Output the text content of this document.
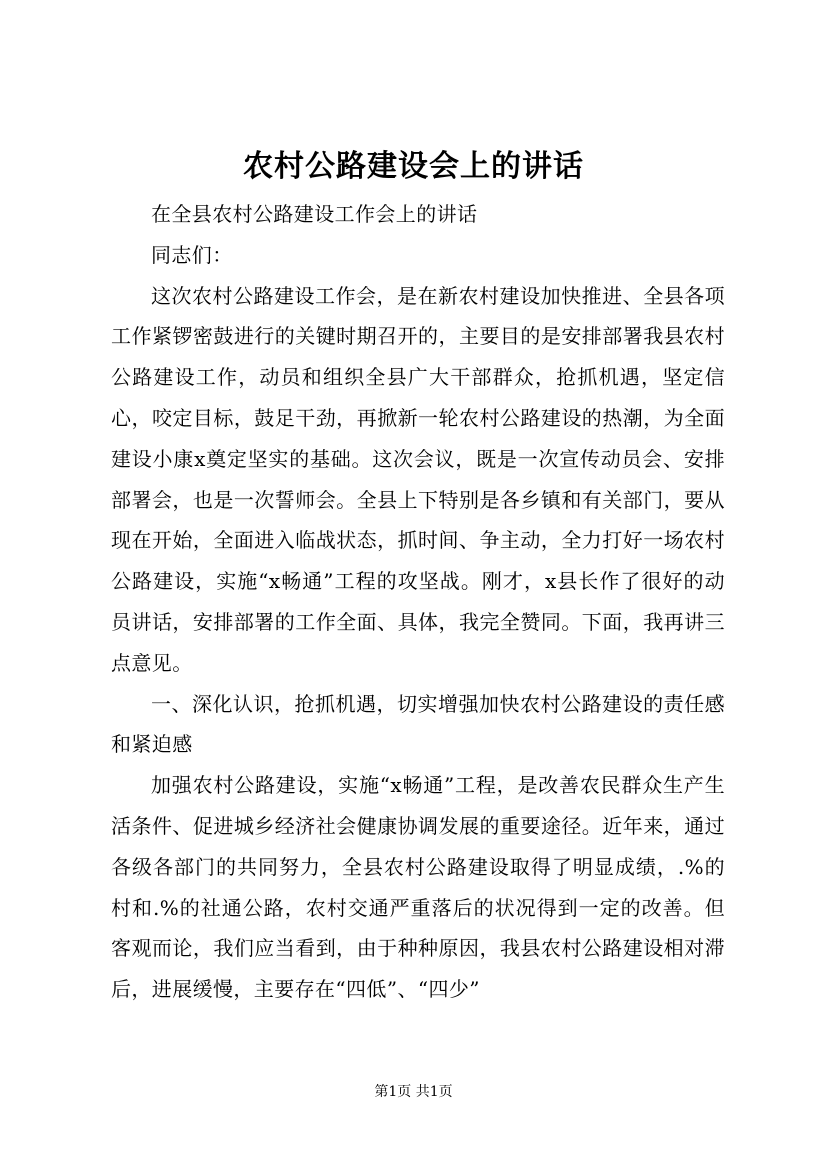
农村公路建设会上的讲话

在全县农村公路建设工作会上的讲话

同志们：

这次农村公路建设工作会，是在新农村建设加快推进、全县各项工作紧锣密鼓进行的关键时期召开的，主要目的是安排部署我县农村公路建设工作，动员和组织全县广大干部群众，抢抓机遇，坚定信心，咬定目标，鼓足干劲，再掀新一轮农村公路建设的热潮，为全面建设小康x奠定坚实的基础。这次会议，既是一次宣传动员会、安排部署会，也是一次誓师会。全县上下特别是各乡镇和有关部门，要从现在开始，全面进入临战状态，抓时间、争主动，全力打好一场农村公路建设，实施“x畅通”工程的攻坚战。刚才，x县长作了很好的动员讲话，安排部署的工作全面、具体，我完全赞同。下面，我再讲三点意见。

一、深化认识，抢抓机遇，切实增强加快农村公路建设的责任感和紧迫感

加强农村公路建设，实施“x畅通”工程，是改善农民群众生产生活条件、促进城乡经济社会健康协调发展的重要途径。近年来，通过各级各部门的共同努力，全县农村公路建设取得了明显成绩，.%的村和.%的社通公路，农村交通严重落后的状况得到一定的改善。但客观而论，我们应当看到，由于种种原因，我县农村公路建设相对滞后，进展缓慢，主要存在“四低”、“四少”

第1页 共1页
